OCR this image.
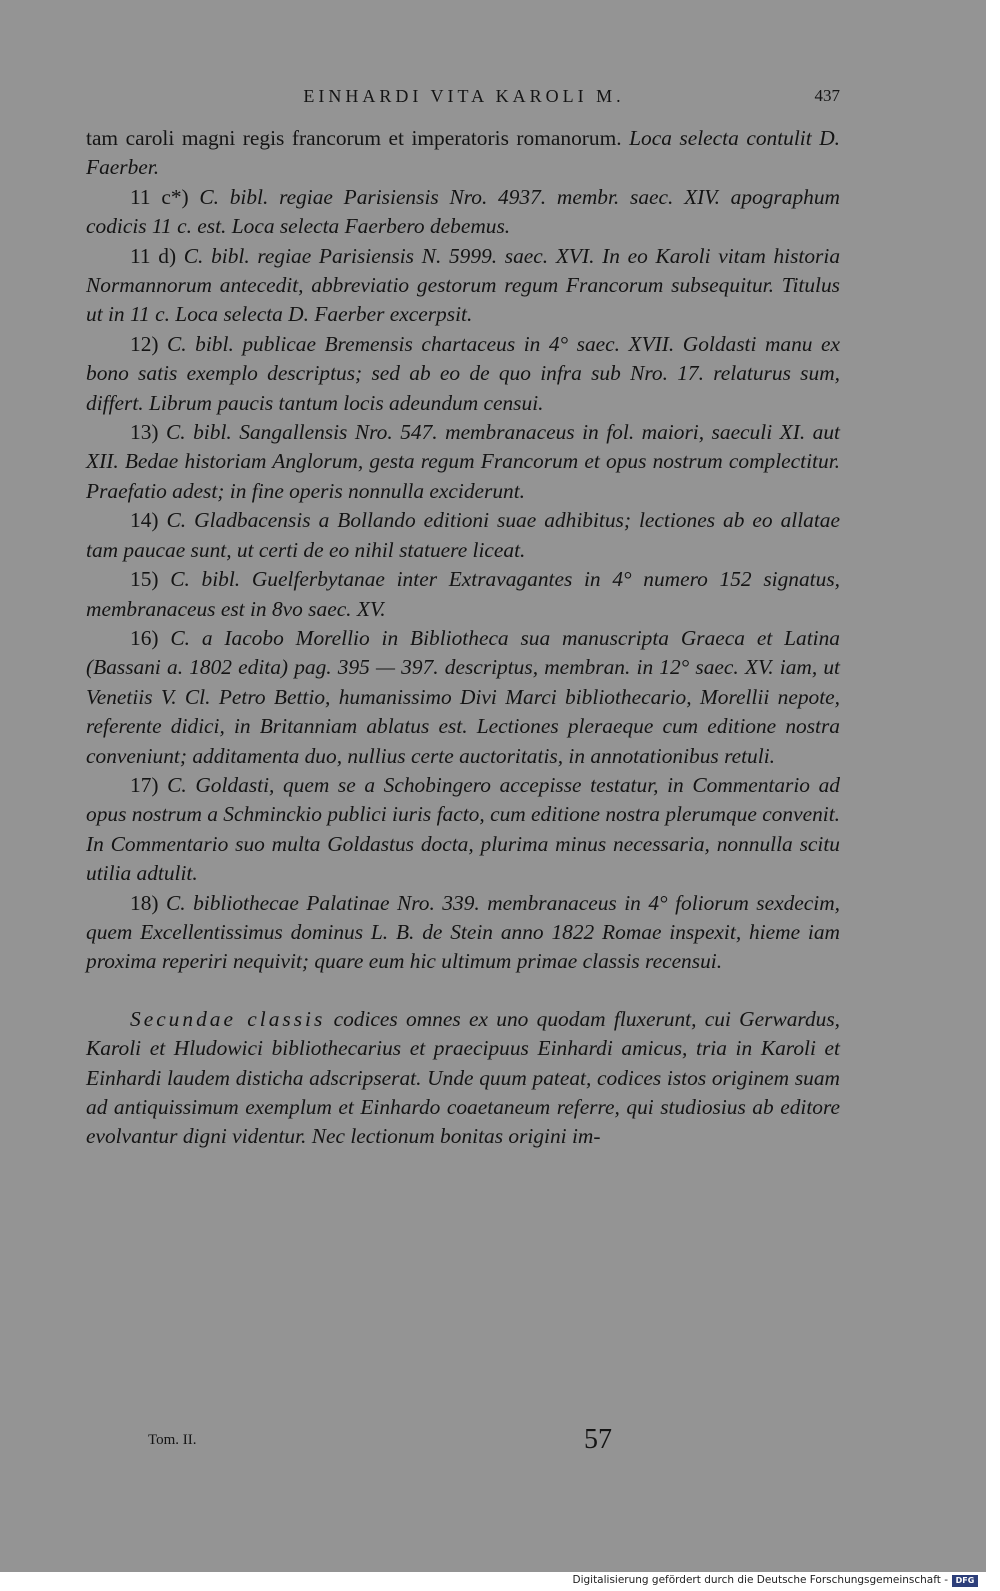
EINHARDI VITA KAROLI M.	437

tam caroli magni regis francorum et imperatoris romanorum. Loca selecta contulit D. Faerber.

11 c*) C. bibl. regiae Parisiensis Nro. 4937. membr. saec. XIV. apographum codicis 11 c. est. Loca selecta Faerbero debemus.

11 d) C. bibl. regiae Parisiensis N. 5999. saec. XVI. In eo Karoli vitam historia Normannorum antecedit, abbreviatio gestorum regum Francorum subsequitur. Titulus ut in 11 c. Loca selecta D. Faerber excerpsit.

12) C. bibl. publicae Bremensis chartaceus in 4° saec. XVII. Goldasti manu ex bono satis exemplo descriptus; sed ab eo de quo infra sub Nro. 17. relaturus sum, differt. Librum paucis tantum locis adeundum censui.

13) C. bibl. Sangallensis Nro. 547. membranaceus in fol. maiori, saeculi XI. aut XII. Bedae historiam Anglorum, gesta regum Francorum et opus nostrum complectitur. Praefatio adest; in fine operis nonnulla exciderunt.

14) C. Gladbacensis a Bollando editioni suae adhibitus; lectiones ab eo allatae tam paucae sunt, ut certi de eo nihil statuere liceat.

15) C. bibl. Guelferbytanae inter Extravagantes in 4° numero 152 signatus, membranaceus est in 8vo saec. XV.

16) C. a Iacobo Morellio in Bibliotheca sua manuscripta Graeca et Latina (Bassani a. 1802 edita) pag. 395 — 397. descriptus, membran. in 12° saec. XV. iam, ut Venetiis V. Cl. Petro Bettio, humanissimo Divi Marci bibliothecario, Morellii nepote, referente didici, in Britanniam ablatus est. Lectiones pleraeque cum editione nostra conveniunt; additamenta duo, nullius certe auctoritatis, in annotationibus retuli.

17) C. Goldasti, quem se a Schobingero accepisse testatur, in Commentario ad opus nostrum a Schminckio publici iuris facto, cum editione nostra plerumque convenit. In Commentario suo multa Goldastus docta, plurima minus necessaria, nonnulla scitu utilia adtulit.

18) C. bibliothecae Palatinae Nro. 339. membranaceus in 4° foliorum sexdecim, quem Excellentissimus dominus L. B. de Stein anno 1822 Romae inspexit, hieme iam proxima reperiri nequivit; quare eum hic ultimum primae classis recensui.

Secundae classis codices omnes ex uno quodam fluxerunt, cui Gerwardus, Karoli et Hludowici bibliothecarius et praecipuus Einhardi amicus, tria in Karoli et Einhardi laudem disticha adscripserat. Unde quum pateat, codices istos originem suam ad antiquissimum exemplum et Einhardo coaetaneum referre, qui studiosius ab editore evolvantur digni videntur. Nec lectionum bonitas origini im-

Tom. II.	57
Digitalisierung gefördert durch die Deutsche Forschungsgemeinschaft - DFG
